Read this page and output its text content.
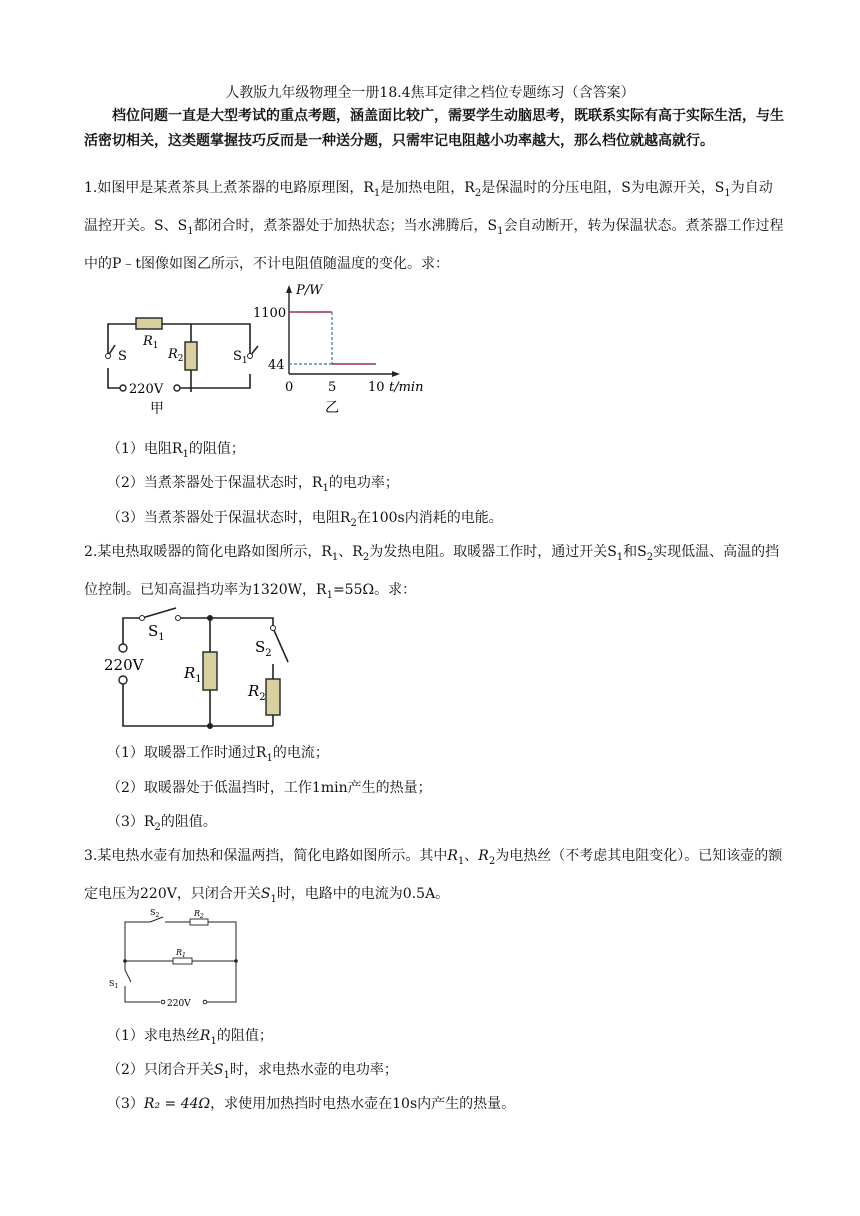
人教版九年级物理全一册18.4焦耳定律之档位专题练习（含答案）
档位问题一直是大型考试的重点考题，涵盖面比较广，需要学生动脑思考，既联系实际有高于实际生活，与生活密切相关，这类题掌握技巧反而是一种送分题，只需牢记电阻越小功率越大，那么档位就越高就行。
1.如图甲是某煮茶具上煮茶器的电路原理图，$R_1$是加热电阻，$R_2$是保温时的分压电阻，S为电源开关，$S_1$为自动温控开关。S、$S_1$都闭合时，煮茶器处于加热状态；当水沸腾后，$S_1$会自动断开，转为保温状态。煮茶器工作过程中的P﹣t图像如图乙所示，不计电阻值随温度的变化。求：
$R_1$
$R_2$
S	$S_1$
220V
甲
P/W
1100
44
0	5 10 t/min
乙
（1）电阻$R_1$的阻值；
（2）当煮茶器处于保温状态时，$R_1$的电功率；
（3）当煮茶器处于保温状态时，电阻$R_2$在100s内消耗的电能。
2.某电热取暖器的简化电路如图所示，$R_1$、$R_2$为发热电阻。取暖器工作时，通过开关$S_1$和$S_2$实现低温、高温的挡位控制。已知高温挡功率为1320W，$R_1=55\Omega$。求：
220V
$S_1$
$S_2$
$R_1$
$R_2$
（1）取暖器工作时通过$R_1$的电流；
（2）取暖器处于低温挡时，工作1min产生的热量；
$(3)R_2$的阻值。
3.某电热水壶有加热和保温两挡，简化电路如图所示。其中$R_1$、$R_2$为电热丝（不考虑其电阻变化）。已知该壶的额定电压为220V，只闭合开关$S_1$时，电路中的电流为0.5A。
$S_2$	$R_2$
$R_1$
$S_1$
220V
（1）求电热丝$R_1$的阻值；
（2）只闭合开关$S_1$时，求电热水壶的电功率；
（3）R₂ = 44Ω，求使用加热挡时电热水壶在10s内产生的热量。
